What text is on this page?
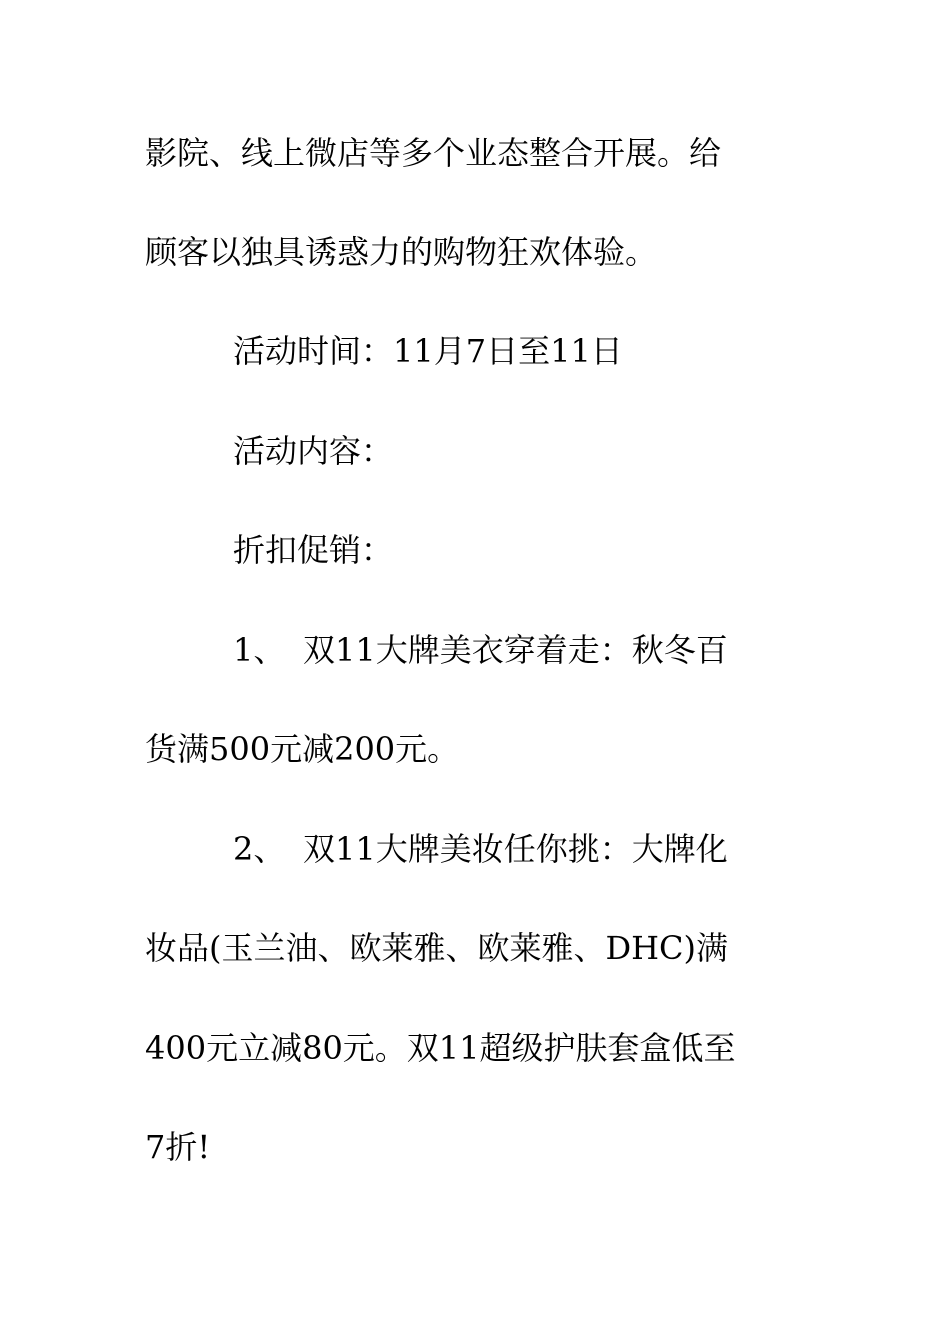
影院、线上微店等多个业态整合开展。给
顾客以独具诱惑力的购物狂欢体验。
活动时间：11月7日至11日
活动内容：
折扣促销：
1、 双11大牌美衣穿着走：秋冬百
货满500元减200元。
2、 双11大牌美妆任你挑：大牌化
妆品(玉兰油、欧莱雅、欧莱雅、DHC)满
400元立减80元。双11超级护肤套盒低至
7折!
